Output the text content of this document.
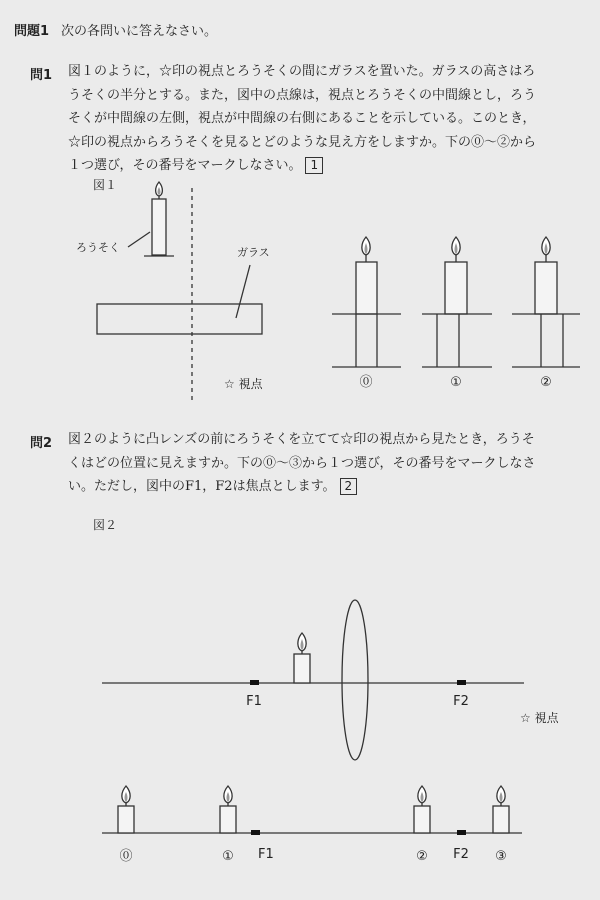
問題1 次の各問いに答えなさい。

問1 図１のように，☆印の視点とろうそくの間にガラスを置いた。ガラスの高さはろ
うそくの半分とする。また，図中の点線は，視点とろうそくの中間線とし，ろう
そくが中間線の左側，視点が中間線の右側にあることを示している。このとき，
☆印の視点からろうそくを見るとどのような見え方をしますか。下の⓪～②から
１つ選び，その番号をマークしなさい。 1
図１
ろうそく	ガラス
☆ 視点	⓪	①	②
F1	F2
☆ 視点
⓪	① F1	② F2 ③
問2 図２のように凸レンズの前にろうそくを立てて☆印の視点から見たとき，ろうそ
くはどの位置に見えますか。下の⓪～③から１つ選び，その番号をマークしなさ
い。ただし，図中のF1，F2は焦点とします。 2
図２
